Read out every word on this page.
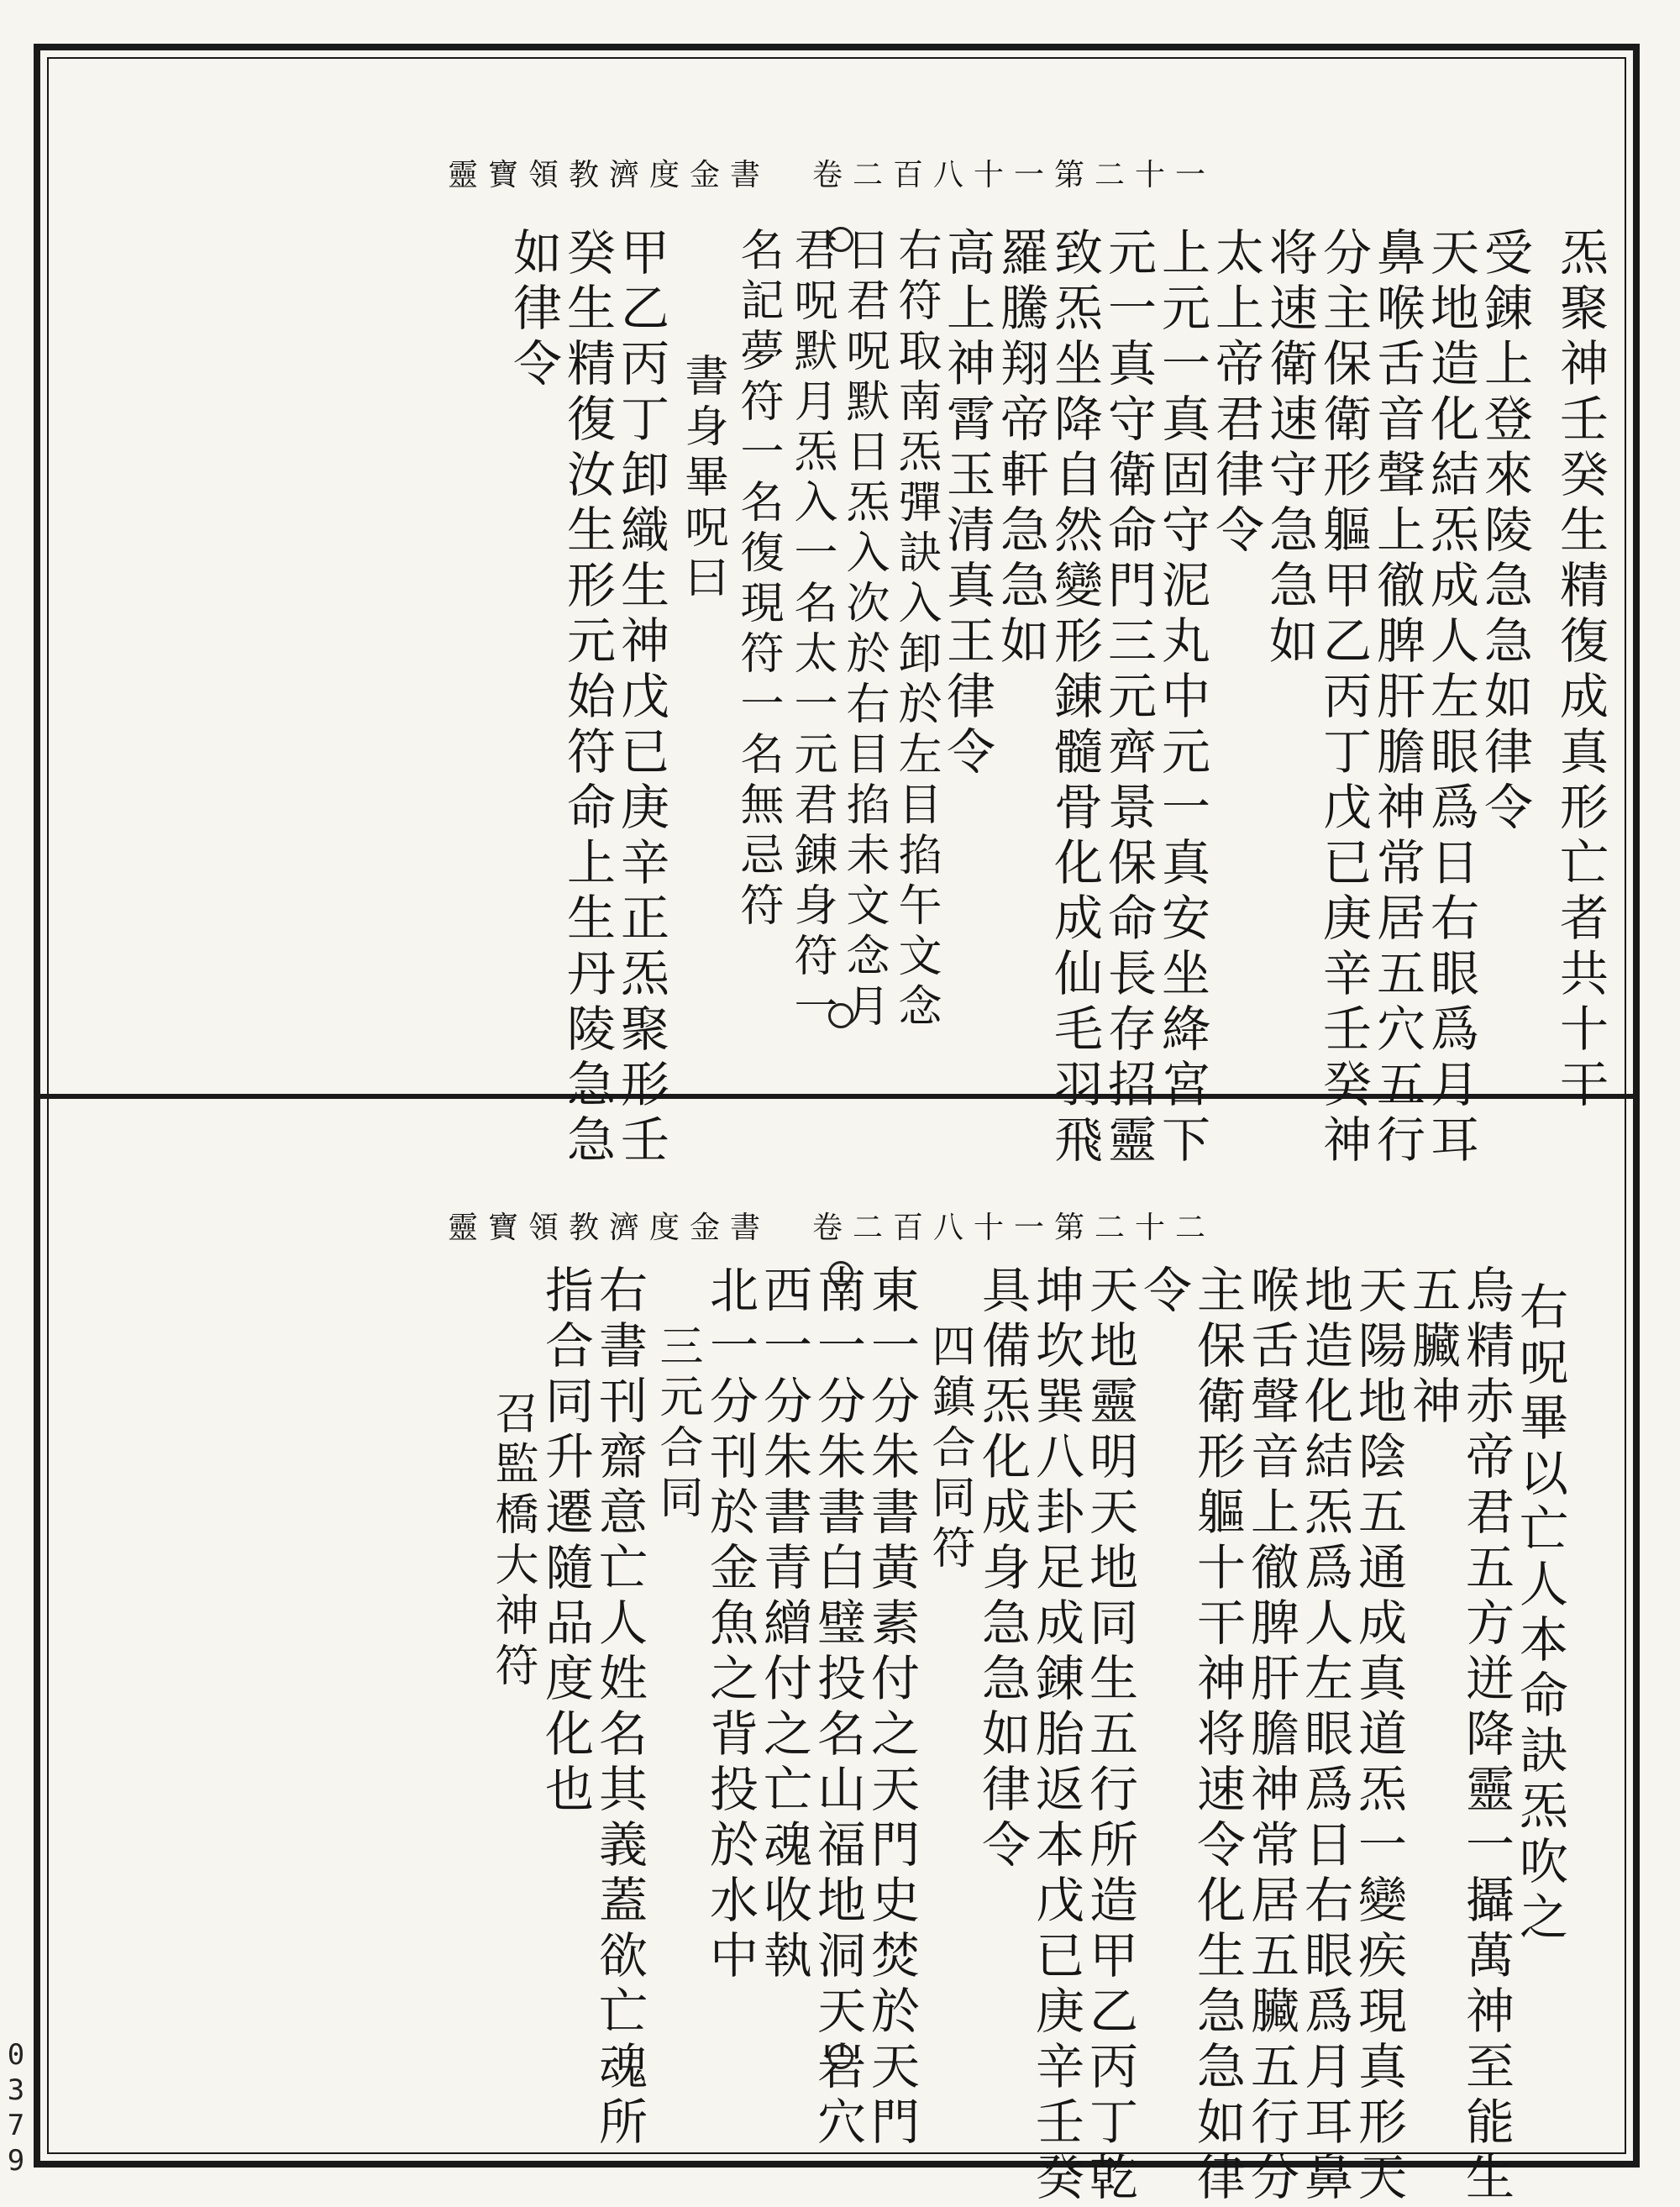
靈寶領教濟度金書 卷二百八十一第二十一
炁聚神壬癸生精復成真形亡者共十干
受錬上登來陵急急如律令
天地造化結炁成人左眼爲日右眼爲月耳
鼻喉舌音聲上徹脾肝膽神常居五穴五行
分主保衛形軀甲乙丙丁戊已庚辛壬癸神
将速衛速守急急如
太上帝君律令
上元一真固守泥丸中元一真安坐絳宮下
元一真守衛命門三元齊景保命長存招靈
致炁坐降自然變形錬髓骨化成仙毛羽飛
羅騰翔帝軒急急如
高上神霄玉清真王律令
右符取南炁彈訣入卸於左目掐午文念
日君呪默日炁入次於右目掐未文念月
君呪默月炁入一名太一元君錬身符一
名記夢符一名復現符一名無忌符
書身畢呪曰
甲乙丙丁卸織生神戊已庚辛正炁聚形壬
癸生精復汝生形元始符命上生丹陵急急
如律令
靈寶領教濟度金書 卷二百八十一第二十二
右呪畢以亡人本命訣炁吹之
烏精赤帝君五方迸降靈一攝萬神至能生
五臟神
天陽地陰五通成真道炁一變疾現真形天
地造化結炁爲人左眼爲日右眼爲月耳鼻
喉舌聲音上徹脾肝膽神常居五臟五行分
主保衛形軀十干神将速令化生急急如律
令
天地靈明天地同生五行所造甲乙丙丁乾
坤坎巽八卦足成錬胎返本戊已庚辛壬癸
具備炁化成身急急如律令
四鎮合同符
東一分朱書黃素付之天門史焚於天門
南一分朱書白璧投名山福地洞天岩穴
西一分朱書青繒付之亡魂收執
北一分刊於金魚之背投於水中
三元合同
右書刊齋意亡人姓名其義蓋欲亡魂所
指合同升遷隨品度化也
召監橋大神符
0379
